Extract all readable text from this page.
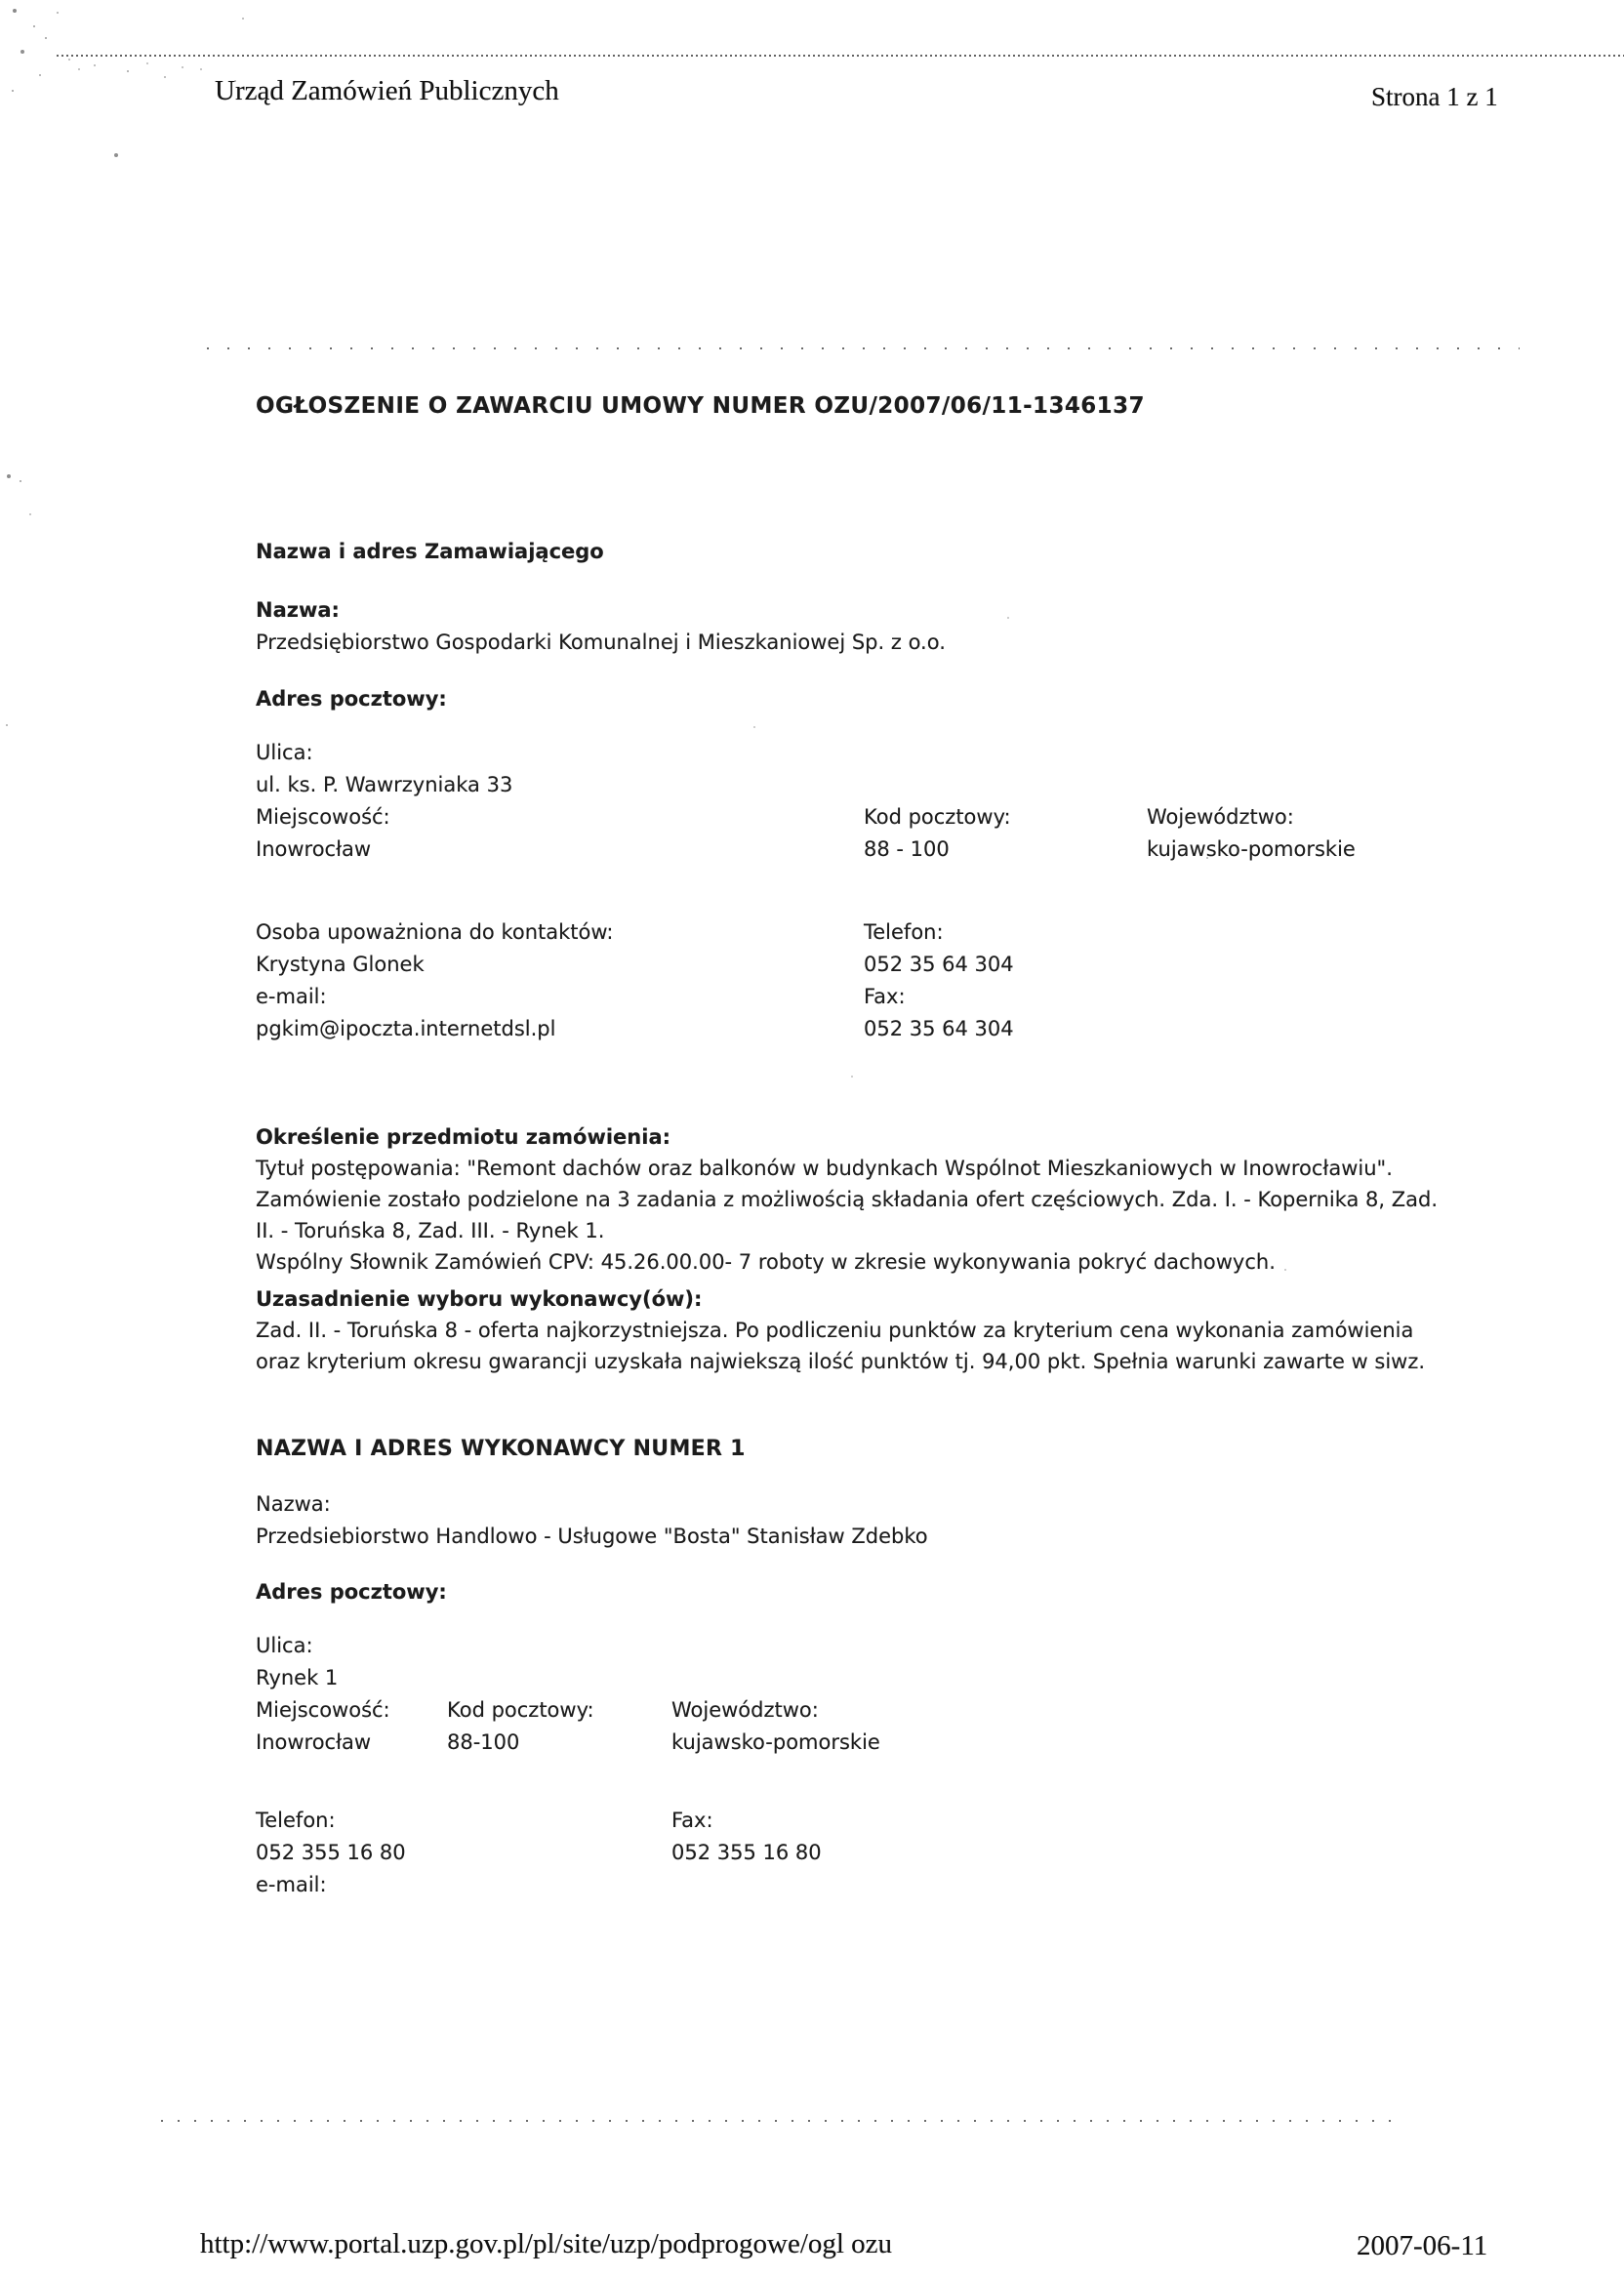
Urząd Zamówień Publicznych	Strona 1 z 1
OGŁOSZENIE O ZAWARCIU UMOWY NUMER OZU/2007/06/11-1346137
Nazwa i adres Zamawiającego
Nazwa:
Przedsiębiorstwo Gospodarki Komunalnej i Mieszkaniowej Sp. z o.o.
Adres pocztowy:
Ulica:
ul. ks. P. Wawrzyniaka 33
Miejscowość:	Kod pocztowy:	Województwo:
Inowrocław	88 - 100	kujawsko-pomorskie
Osoba upoważniona do kontaktów:	Telefon:
Krystyna Glonek	052 35 64 304
e-mail:	Fax:
pgkim@ipoczta.internetdsl.pl	052 35 64 304
Określenie przedmiotu zamówienia:
Tytuł postępowania: "Remont dachów oraz balkonów w budynkach Wspólnot Mieszkaniowych w Inowrocławiu".
Zamówienie zostało podzielone na 3 zadania z możliwością składania ofert częściowych. Zda. I. - Kopernika 8, Zad.
II. - Toruńska 8, Zad. III. - Rynek 1.
Wspólny Słownik Zamówień CPV: 45.26.00.00- 7 roboty w zkresie wykonywania pokryć dachowych.
Uzasadnienie wyboru wykonawcy(ów):
Zad. II. - Toruńska 8 - oferta najkorzystniejsza. Po podliczeniu punktów za kryterium cena wykonania zamówienia
oraz kryterium okresu gwarancji uzyskała najwiekszą ilość punktów tj. 94,00 pkt. Spełnia warunki zawarte w siwz.
NAZWA I ADRES WYKONAWCY NUMER 1
Nazwa:
Przedsiebiorstwo Handlowo - Usługowe "Bosta" Stanisław Zdebko
Adres pocztowy:
Ulica:
Rynek 1
Miejscowość:	Kod pocztowy:	Województwo:
Inowrocław	88-100	kujawsko-pomorskie
Telefon:	Fax:
052 355 16 80	052 355 16 80
e-mail:
http://www.portal.uzp.gov.pl/pl/site/uzp/podprogowe/ogl ozu	2007-06-11
